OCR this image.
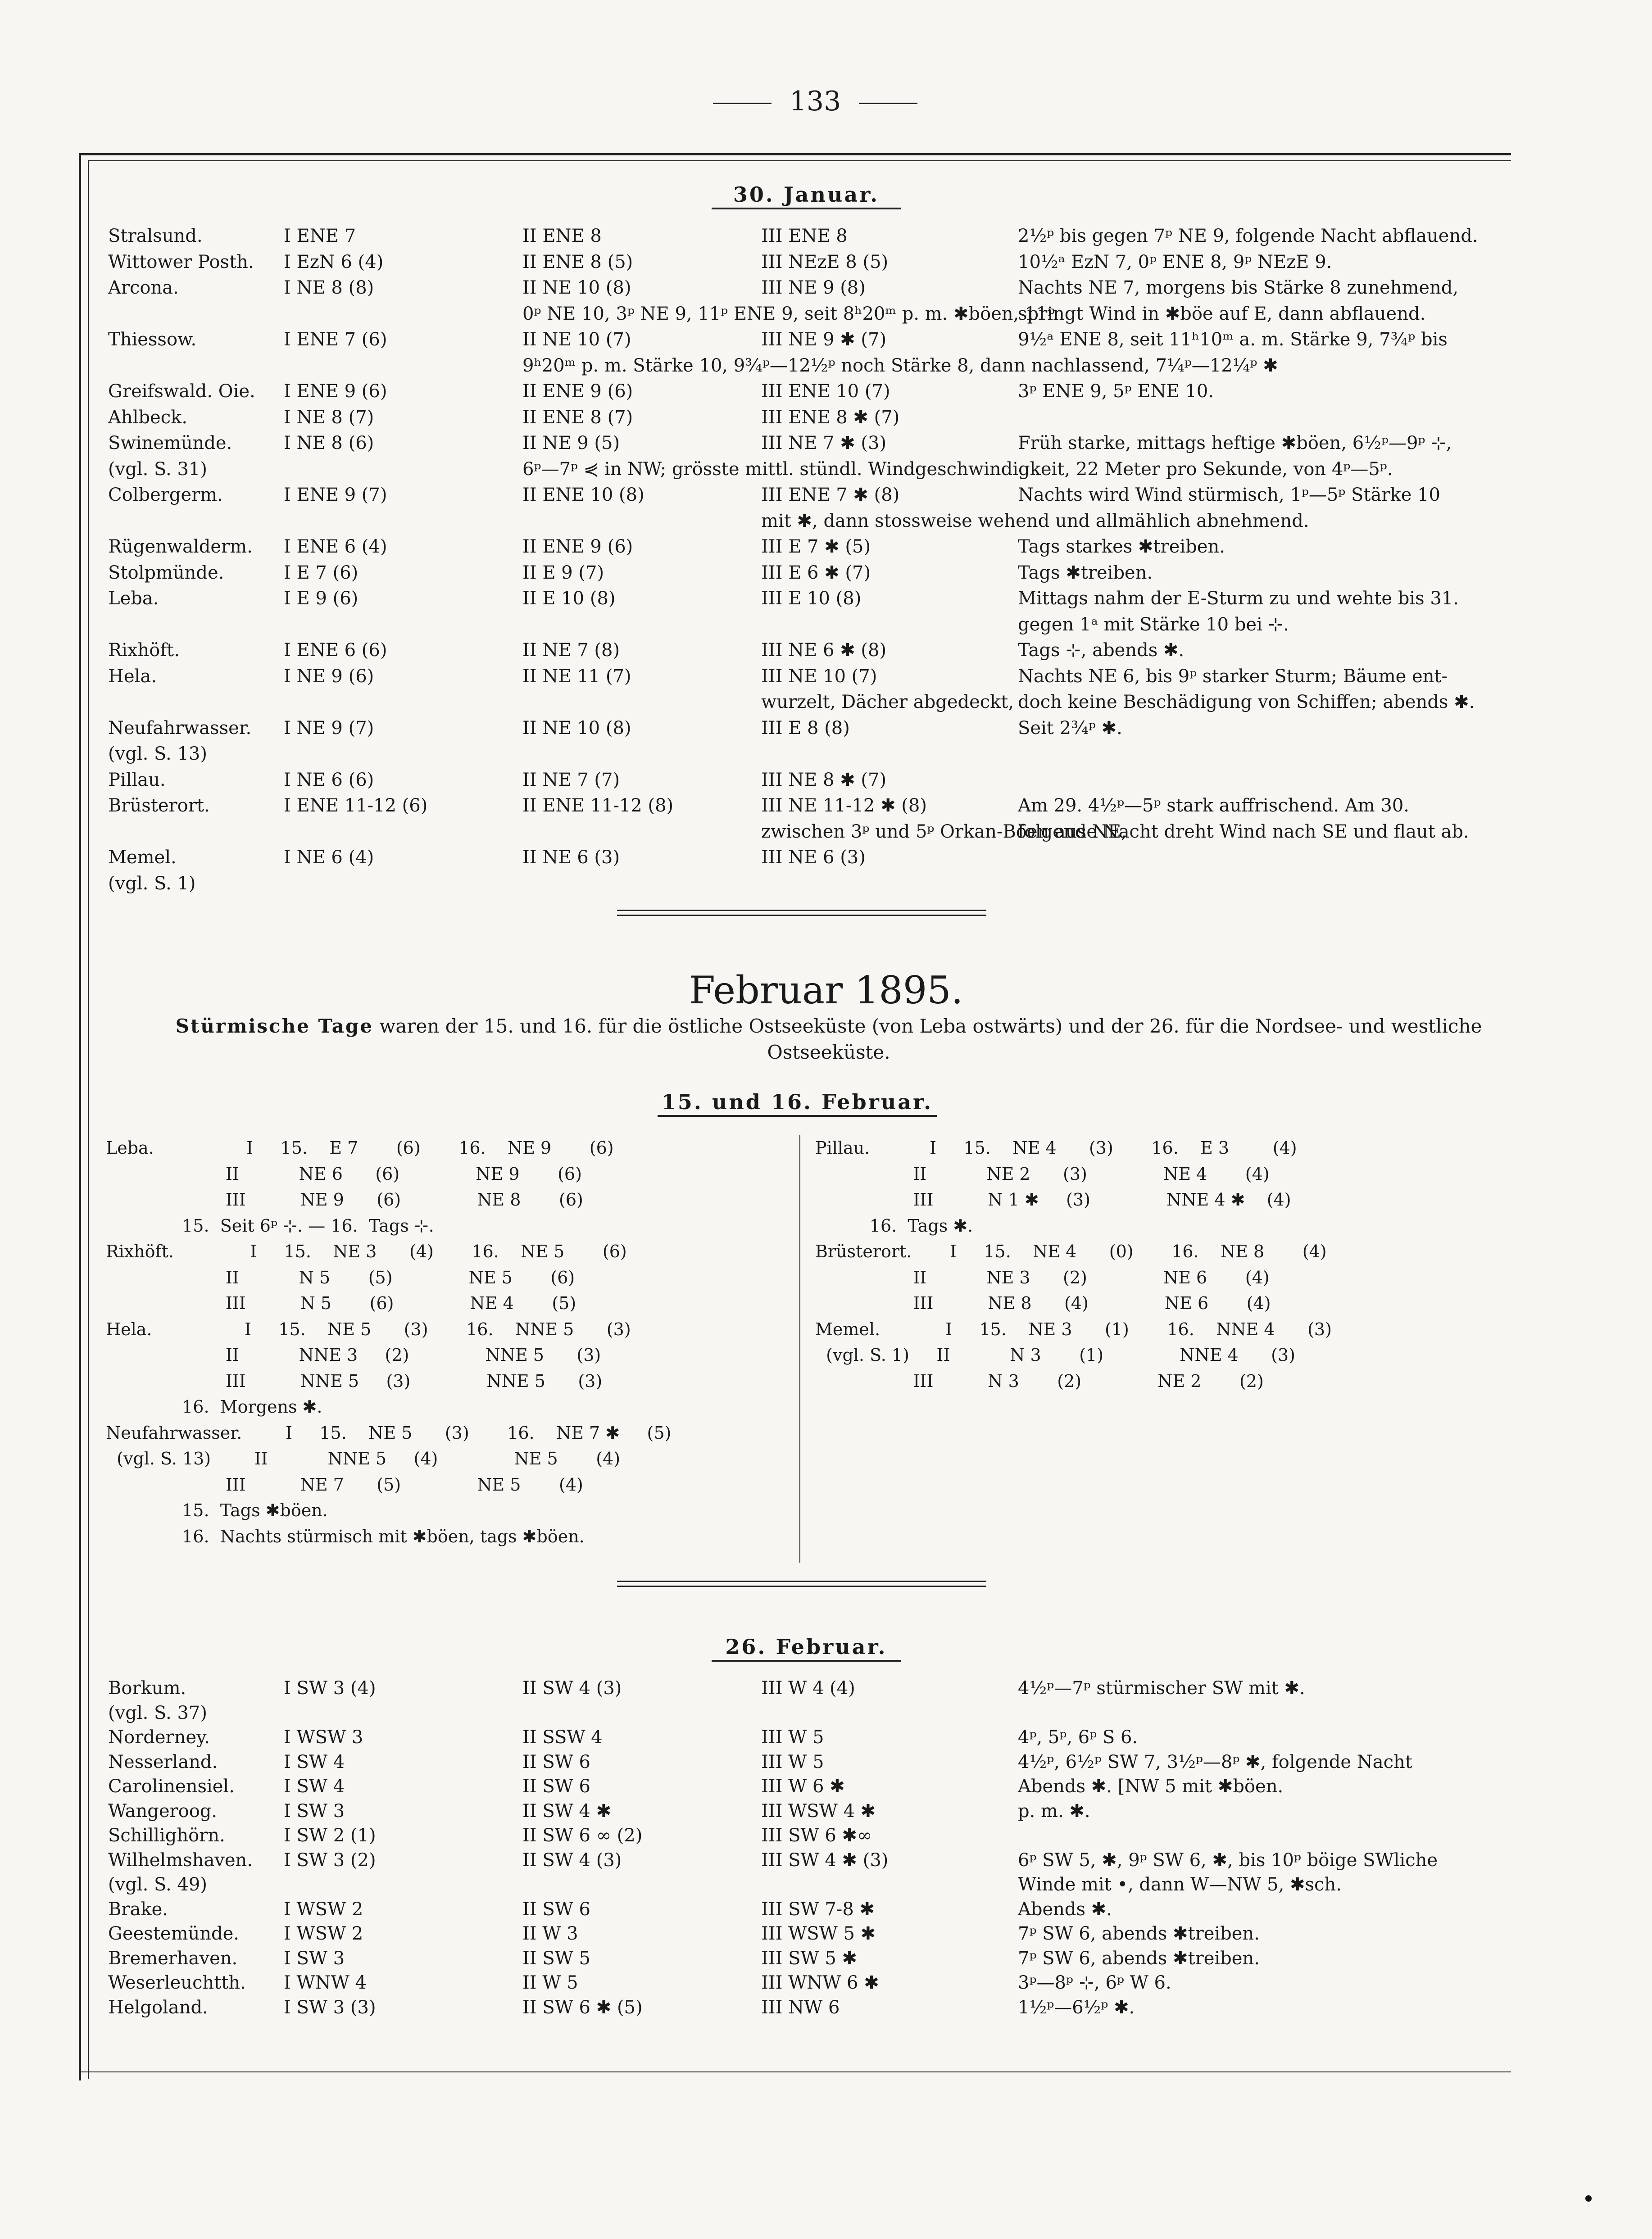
133
30. Januar.
Stralsund.	I ENE 7	II ENE 8	III ENE 8	2½ᵖ bis gegen 7ᵖ NE 9, folgende Nacht abflauend.
Wittower Posth. I EzN 6 (4)	II ENE 8 (5)	III NEzE 8 (5)	10½ᵃ EzN 7, 0ᵖ ENE 8, 9ᵖ NEzE 9.
Arcona.	I NE 8 (8)	II NE 10 (8)	III NE 9 (8)	Nachts NE 7, morgens bis Stärke 8 zunehmend,
0ᵖ NE 10, 3ᵖ NE 9, 11ᵖ ENE 9, seit 8ʰ20ᵐ p. m. ✱böen, 11ᵖ
springt Wind in ✱böe auf E, dann abflauend.
Thiessow.	I ENE 7 (6)	II NE 10 (7)	III NE 9 ✱ (7)	9½ᵃ ENE 8, seit 11ʰ10ᵐ a. m. Stärke 9, 7¾ᵖ bis
9ʰ20ᵐ p. m. Stärke 10, 9¾ᵖ—12½ᵖ noch Stärke 8, dann nachlassend, 7¼ᵖ—12¼ᵖ ✱
Greifswald. Oie. I ENE 9 (6)	II ENE 9 (6)	III ENE 10 (7)	3ᵖ ENE 9, 5ᵖ ENE 10.
Ahlbeck.	I NE 8 (7)	II ENE 8 (7)	III ENE 8 ✱ (7)
Swinemünde.	I NE 8 (6)	II NE 9 (5)	III NE 7 ✱ (3)	Früh starke, mittags heftige ✱böen, 6½ᵖ—9ᵖ ⊹,
(vgl. S. 31)	6ᵖ—7ᵖ ⋞ in NW; grösste mittl. stündl. Windgeschwindigkeit, 22 Meter pro Sekunde, von 4ᵖ—5ᵖ.
Colbergerm.	I ENE 9 (7)	II ENE 10 (8)	III ENE 7 ✱ (8)	Nachts wird Wind stürmisch, 1ᵖ—5ᵖ Stärke 10
mit ✱, dann stossweise wehend und allmählich abnehmend.
Rügenwalderm. I ENE 6 (4)	II ENE 9 (6)	III E 7 ✱ (5)	Tags starkes ✱treiben.
Stolpmünde.	I E 7 (6)	II E 9 (7)	III E 6 ✱ (7)	Tags ✱treiben.
Leba.	I E 9 (6)	II E 10 (8)	III E 10 (8)	Mittags nahm der E-Sturm zu und wehte bis 31.
gegen 1ᵃ mit Stärke 10 bei ⊹.
Rixhöft.	I ENE 6 (6)	II NE 7 (8)	III NE 6 ✱ (8)	Tags ⊹, abends ✱.
Hela.	I NE 9 (6)	II NE 11 (7)	III NE 10 (7)	Nachts NE 6, bis 9ᵖ starker Sturm; Bäume ent-
wurzelt, Dächer abgedeckt, doch keine Beschädigung von Schiffen; abends ✱.
Neufahrwasser. I NE 9 (7)	II NE 10 (8)	III E 8 (8)	Seit 2¾ᵖ ✱.
(vgl. S. 13)
Pillau.	I NE 6 (6)	II NE 7 (7)	III NE 8 ✱ (7)
Brüsterort.	I ENE 11-12 (6)	II ENE 11-12 (8)	III NE 11-12 ✱ (8)	Am 29. 4½ᵖ—5ᵖ stark auffrischend. Am 30.
zwischen 3ᵖ und 5ᵖ Orkan-Böen aus NE,
folgende Nacht dreht Wind nach SE und flaut ab.
Memel.	I NE 6 (4)	II NE 6 (3)	III NE 6 (3)
(vgl. S. 1)
Februar 1895.
Stürmische Tage waren der 15. und 16. für die östliche Ostseeküste (von Leba ostwärts) und der 26. für die Nordsee- und westliche Ostseeküste.
15. und 16. Februar.
Leba.                 I     15.    E 7       (6)       16.    NE 9       (6)
II           NE 6      (6)              NE 9       (6)
III          NE 9      (6)              NE 8       (6)
15.  Seit 6ᵖ ⊹. — 16.  Tags ⊹.
Rixhöft.              I     15.    NE 3      (4)       16.    NE 5       (6)
II           N 5       (5)              NE 5       (6)
III          N 5       (6)              NE 4       (5)
Hela.                 I     15.    NE 5      (3)       16.    NNE 5      (3)
II           NNE 3     (2)              NNE 5      (3)
III          NNE 5     (3)              NNE 5      (3)
16.  Morgens ✱.
Neufahrwasser.        I     15.    NE 5      (3)       16.    NE 7 ✱     (5)
(vgl. S. 13)        II           NNE 5     (4)              NE 5       (4)
III          NE 7      (5)              NE 5       (4)
15.  Tags ✱böen.
16.  Nachts stürmisch mit ✱böen, tags ✱böen.
Pillau.           I     15.    NE 4      (3)       16.    E 3        (4)
II           NE 2      (3)              NE 4       (4)
III          N 1 ✱     (3)              NNE 4 ✱    (4)
16.  Tags ✱.
Brüsterort.       I     15.    NE 4      (0)       16.    NE 8       (4)
II           NE 3      (2)              NE 6       (4)
III          NE 8      (4)              NE 6       (4)
Memel.            I     15.    NE 3      (1)       16.    NNE 4      (3)
(vgl. S. 1)     II           N 3       (1)              NNE 4      (3)
III          N 3       (2)              NE 2       (2)
26. Februar.
Borkum.	I SW 3 (4)	II SW 4 (3)	III W 4 (4)	4½ᵖ—7ᵖ stürmischer SW mit ✱.
(vgl. S. 37)
Norderney.	I WSW 3	II SSW 4	III W 5	4ᵖ, 5ᵖ, 6ᵖ S 6.
Nesserland.	I SW 4	II SW 6	III W 5	4½ᵖ, 6½ᵖ SW 7, 3½ᵖ—8ᵖ ✱, folgende Nacht
Carolinensiel.	I SW 4	II SW 6	III W 6 ✱	Abends ✱. [NW 5 mit ✱böen.
Wangeroog.	I SW 3	II SW 4 ✱	III WSW 4 ✱	p. m. ✱.
Schillighörn.	I SW 2 (1)	II SW 6 ∞ (2)	III SW 6 ✱∞
Wilhelmshaven. I SW 3 (2)	II SW 4 (3)	III SW 4 ✱ (3)	6ᵖ SW 5, ✱, 9ᵖ SW 6, ✱, bis 10ᵖ böige SWliche
(vgl. S. 49)	Winde mit •, dann W—NW 5, ✱sch.
Brake.	I WSW 2	II SW 6	III SW 7-8 ✱	Abends ✱.
Geestemünde. I WSW 2	II W 3	III WSW 5 ✱	7ᵖ SW 6, abends ✱treiben.
Bremerhaven.	I SW 3	II SW 5	III SW 5 ✱	7ᵖ SW 6, abends ✱treiben.
Weserleuchtth. I WNW 4	II W 5	III WNW 6 ✱	3ᵖ—8ᵖ ⊹, 6ᵖ W 6.
Helgoland.	I SW 3 (3)	II SW 6 ✱ (5)	III NW 6	1½ᵖ—6½ᵖ ✱.
